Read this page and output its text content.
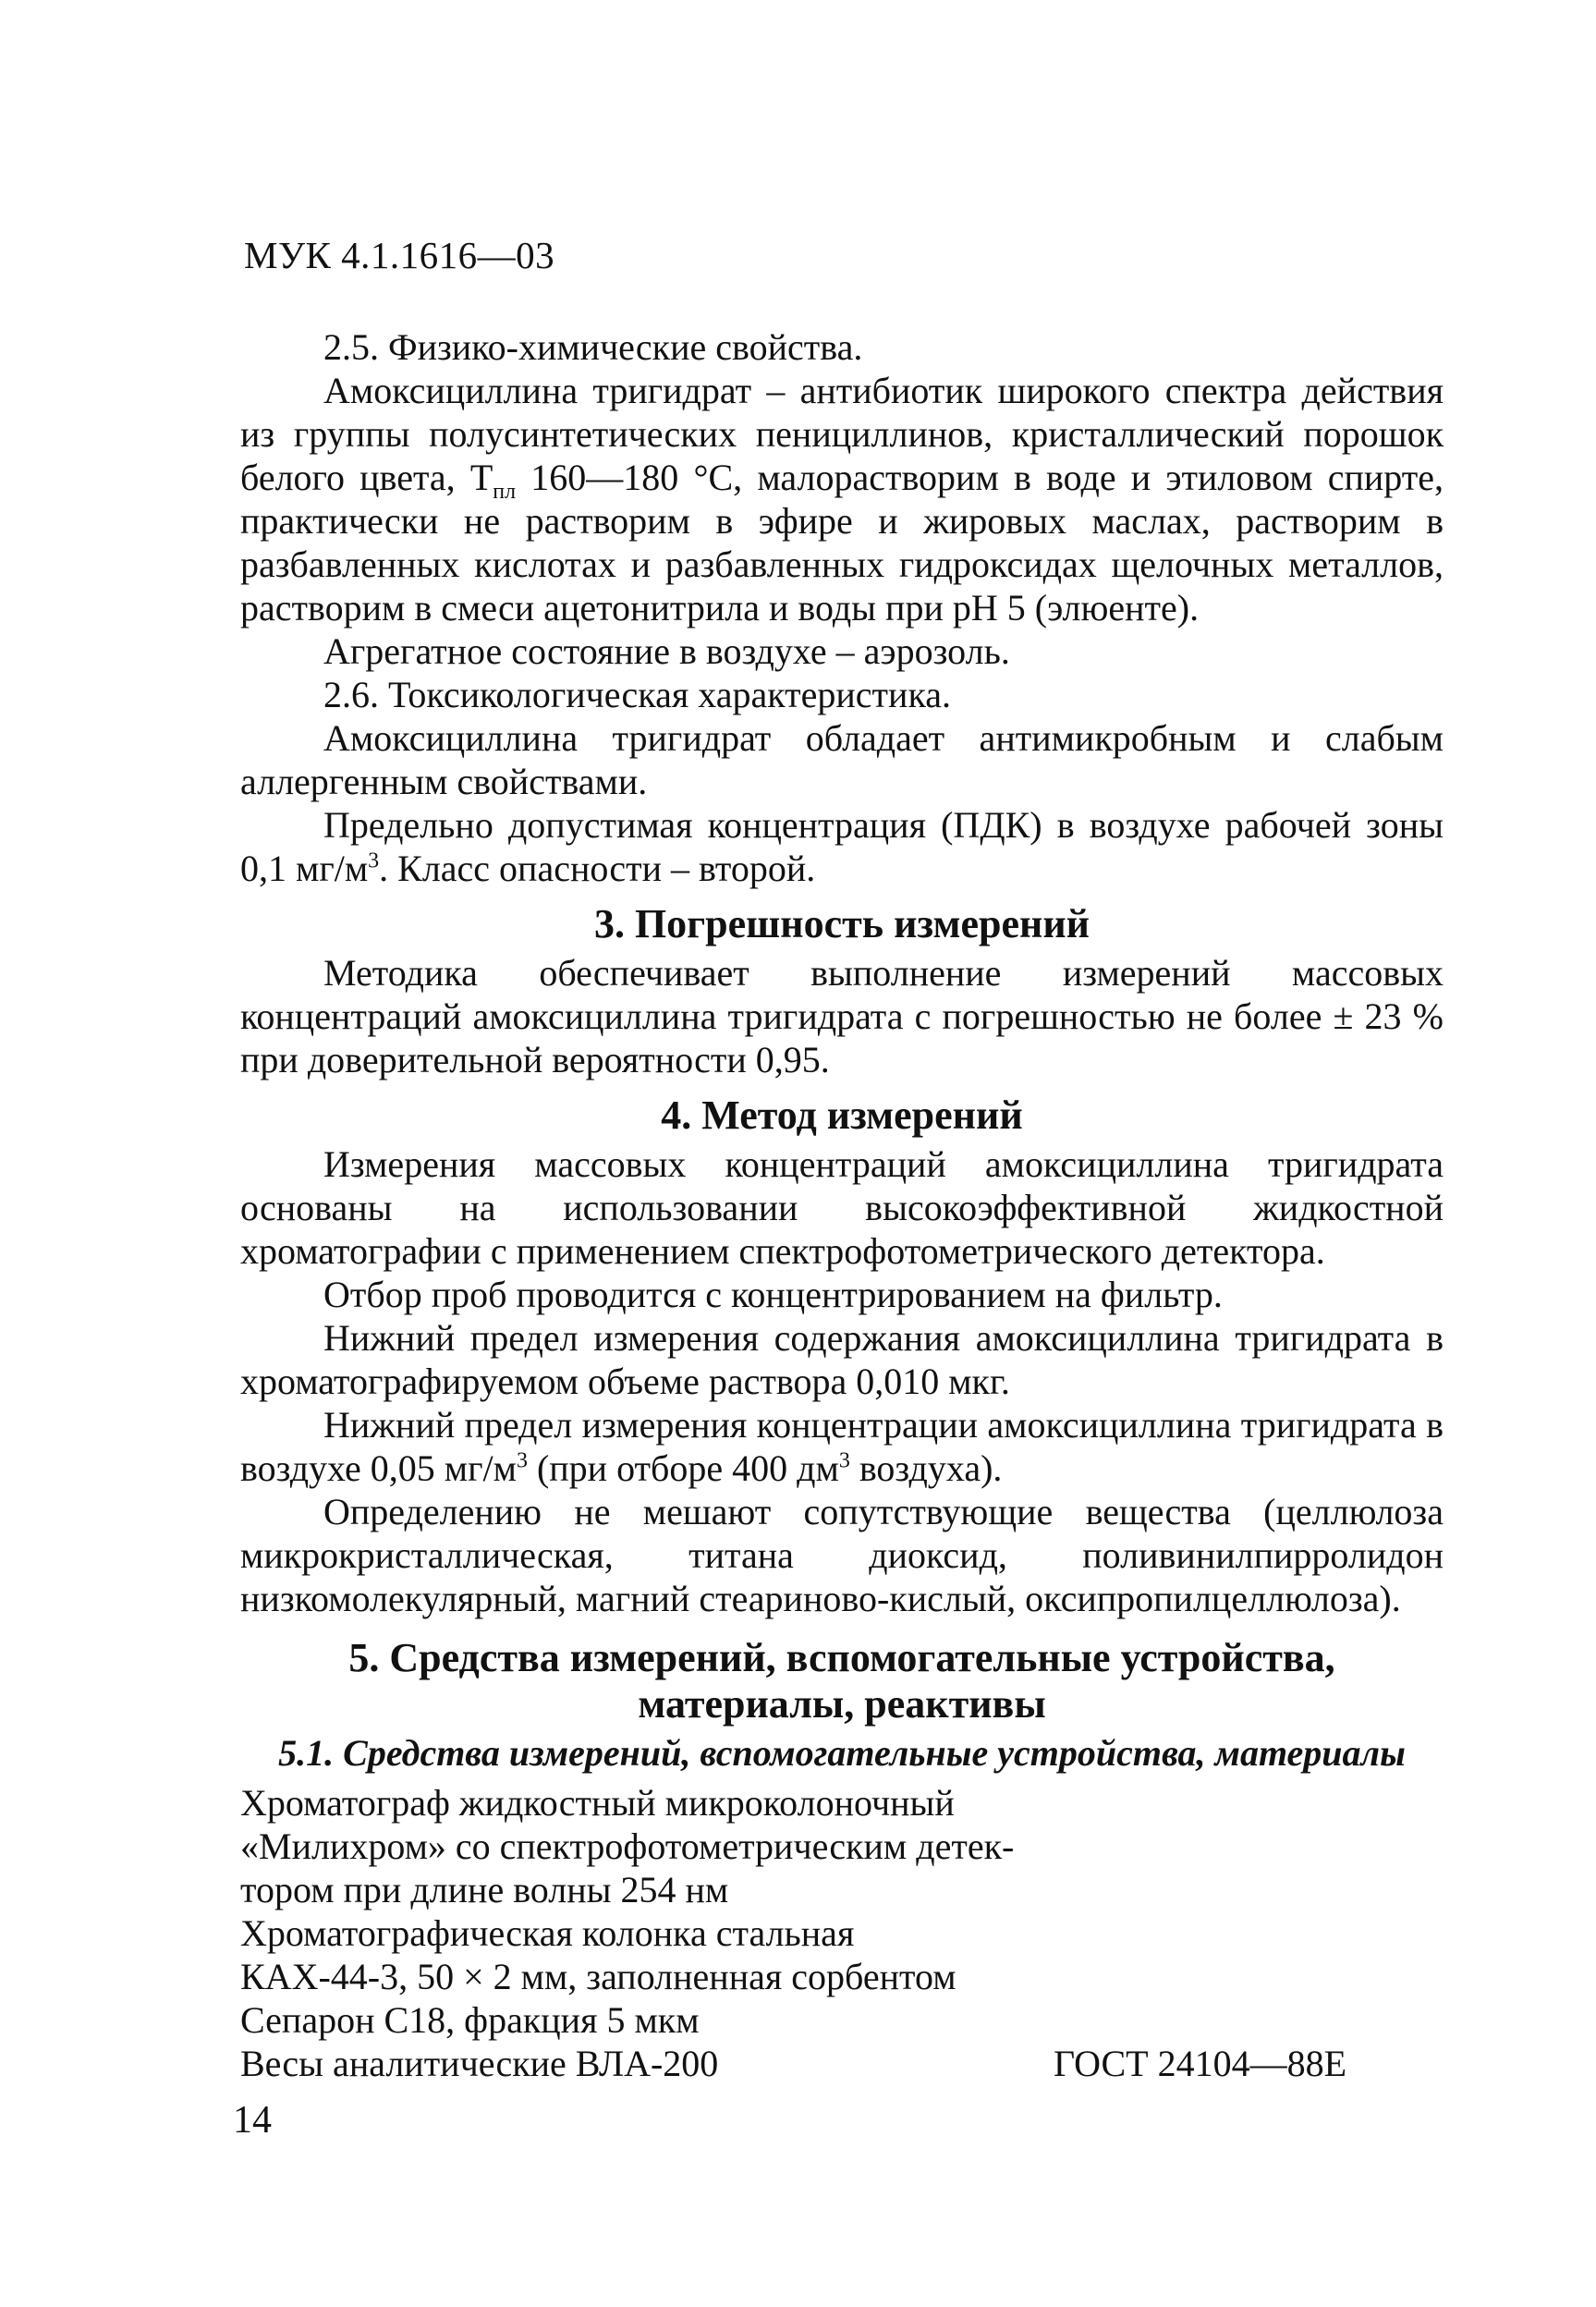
МУК 4.1.1616—03

2.5. Физико-химические свойства.

Амоксициллина тригидрат – антибиотик широкого спектра действия из группы полусинтетических пенициллинов, кристаллический порошок белого цвета, $Т_{пл}$ 160—180 °С, малорастворим в воде и этиловом спирте, практически не растворим в эфире и жировых маслах, растворим в разбавленных кислотах и разбавленных гидроксидах щелочных металлов, растворим в смеси ацетонитрила и воды при рН 5 (элюенте).

Агрегатное состояние в воздухе – аэрозоль.

2.6. Токсикологическая характеристика.

Амоксициллина тригидрат обладает антимикробным и слабым аллергенным свойствами.

Предельно допустимая концентрация (ПДК) в воздухе рабочей зоны 0,1 $мг/м^3$. Класс опасности – второй.

3. Погрешность измерений

Методика обеспечивает выполнение измерений массовых концентраций амоксициллина тригидрата с погрешностью не более ± 23 % при доверительной вероятности 0,95.

4. Метод измерений

Измерения массовых концентраций амоксициллина тригидрата основаны на использовании высокоэффективной жидкостной хроматографии с применением спектрофотометрического детектора.

Отбор проб проводится с концентрированием на фильтр.

Нижний предел измерения содержания амоксициллина тригидрата в хроматографируемом объеме раствора 0,010 мкг.

Нижний предел измерения концентрации амоксициллина тригидрата в воздухе 0,05 $мг/м^3$ (при отборе 400 $дм^3$ воздуха).

Определению не мешают сопутствующие вещества (целлюлоза микрокристаллическая, титана диоксид, поливинилпирролидон низкомолекулярный, магний стеариново-кислый, оксипропилцеллюлоза).

5. Средства измерений, вспомогательные устройства,
материалы, реактивы
5.1. Средства измерений, вспомогательные устройства, материалы
Хроматограф жидкостный микроколоночный
«Милихром» со спектрофотометрическим детек-
тором при длине волны 254 нм
Хроматографическая колонка стальная
КАХ-44-3, 50 × 2 мм, заполненная сорбентом
Сепарон С18, фракция 5 мкм
Весы аналитические ВЛА-200	ГОСТ 24104—88Е
14
